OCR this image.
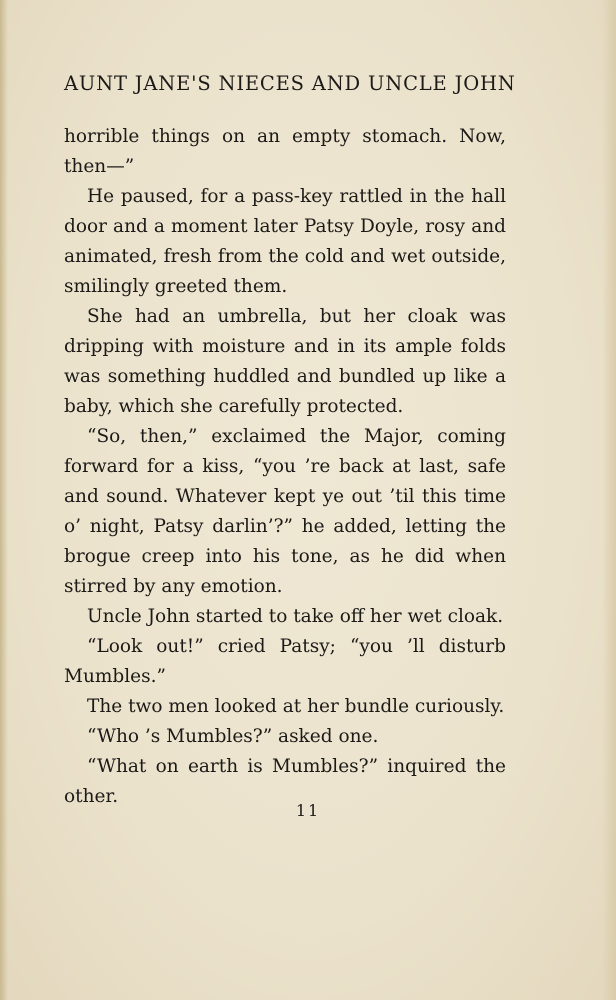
AUNT JANE'S NIECES AND UNCLE JOHN

horrible things on an empty stomach. Now, then—”

He paused, for a pass-key rattled in the hall door and a moment later Patsy Doyle, rosy and animated, fresh from the cold and wet outside, smilingly greeted them.

She had an umbrella, but her cloak was dripping with moisture and in its ample folds was something huddled and bundled up like a baby, which she carefully protected.

“So, then,” exclaimed the Major, coming forward for a kiss, “you ’re back at last, safe and sound. Whatever kept ye out ’til this time o’ night, Patsy darlin’?” he added, letting the brogue creep into his tone, as he did when stirred by any emotion.

Uncle John started to take off her wet cloak.

“Look out!” cried Patsy; “you ’ll disturb Mumbles.”

The two men looked at her bundle curiously.

“Who ’s Mumbles?” asked one.

“What on earth is Mumbles?” inquired the other.

11
